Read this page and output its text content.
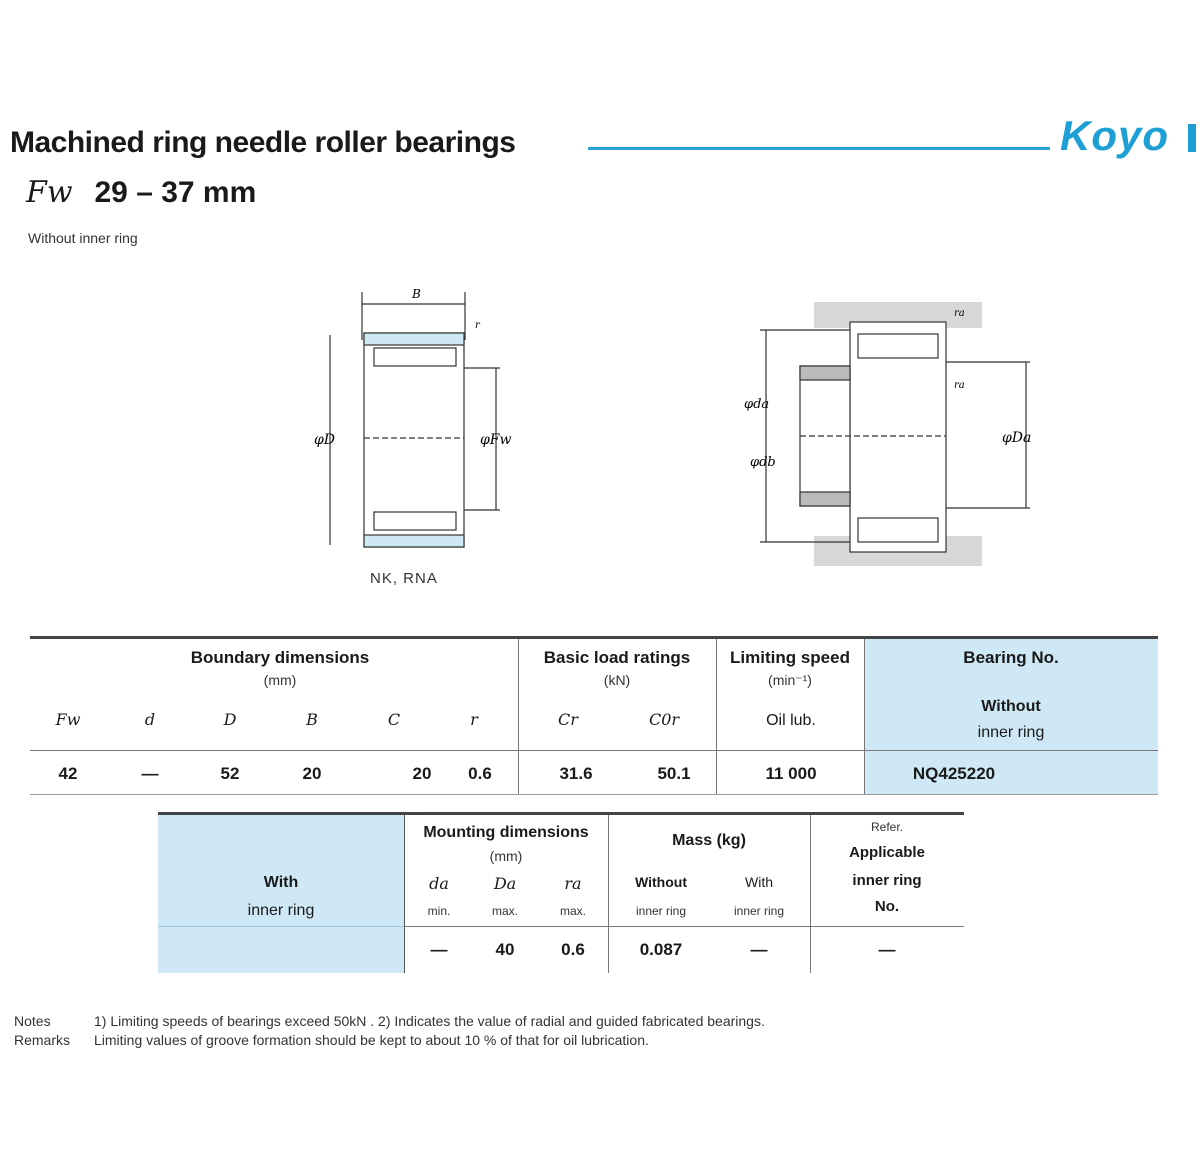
Machined ring needle roller bearings	Koyo
Fw 29 – 37 mm
Without inner ring
B
r
φD	φFw
NK, RNA
ra
φda
φdb
ra
φDa
Boundary dimensions
(mm)
Basic load ratings
(kN)
Limiting speed
(min⁻¹)
Bearing No.
Without
inner ring
Fw	d	D	B	C	r	Cr	C0r	Oil lub.
42	—	52	20	20	0.6	31.6	50.1	11 000	NQ425220
With
inner ring
Mounting dimensions
(mm)
da	Da	ra
min.	max.	max.
Mass (kg)
Without	With
inner ring	inner ring
Refer.
Applicable
inner ring
No.
—	40	0.6	0.087	—	—
Notes	1) Limiting speeds of bearings exceed 50kN . 2) Indicates the value of radial and guided fabricated bearings.
Remarks Limiting values of groove formation should be kept to about 10 % of that for oil lubrication.
